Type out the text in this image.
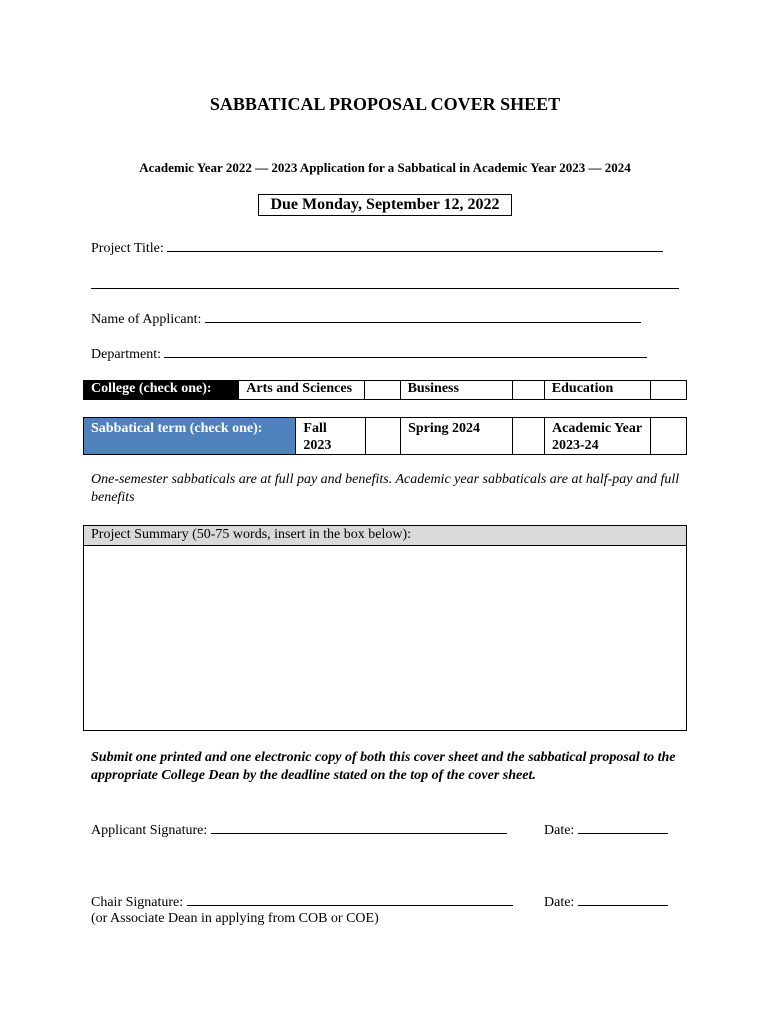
SABBATICAL PROPOSAL COVER SHEET
Academic Year 2022 — 2023 Application for a Sabbatical in Academic Year 2023 — 2024
Due Monday, September 12, 2022
Project Title:
Name of Applicant:
Department:
College (check one):	Arts and Sciences		Business		Education	
Sabbatical term (check one):	Fall 2023		Spring 2024		Academic Year 2023-24	
One-semester sabbaticals are at full pay and benefits. Academic year sabbaticals are at half-pay and full benefits
Project Summary (50-75 words, insert in the box below):
Submit one printed and one electronic copy of both this cover sheet and the sabbatical proposal to the appropriate College Dean by the deadline stated on the top of the cover sheet.
Applicant Signature:	Date:
Chair Signature:	Date:
(or Associate Dean in applying from COB or COE)
